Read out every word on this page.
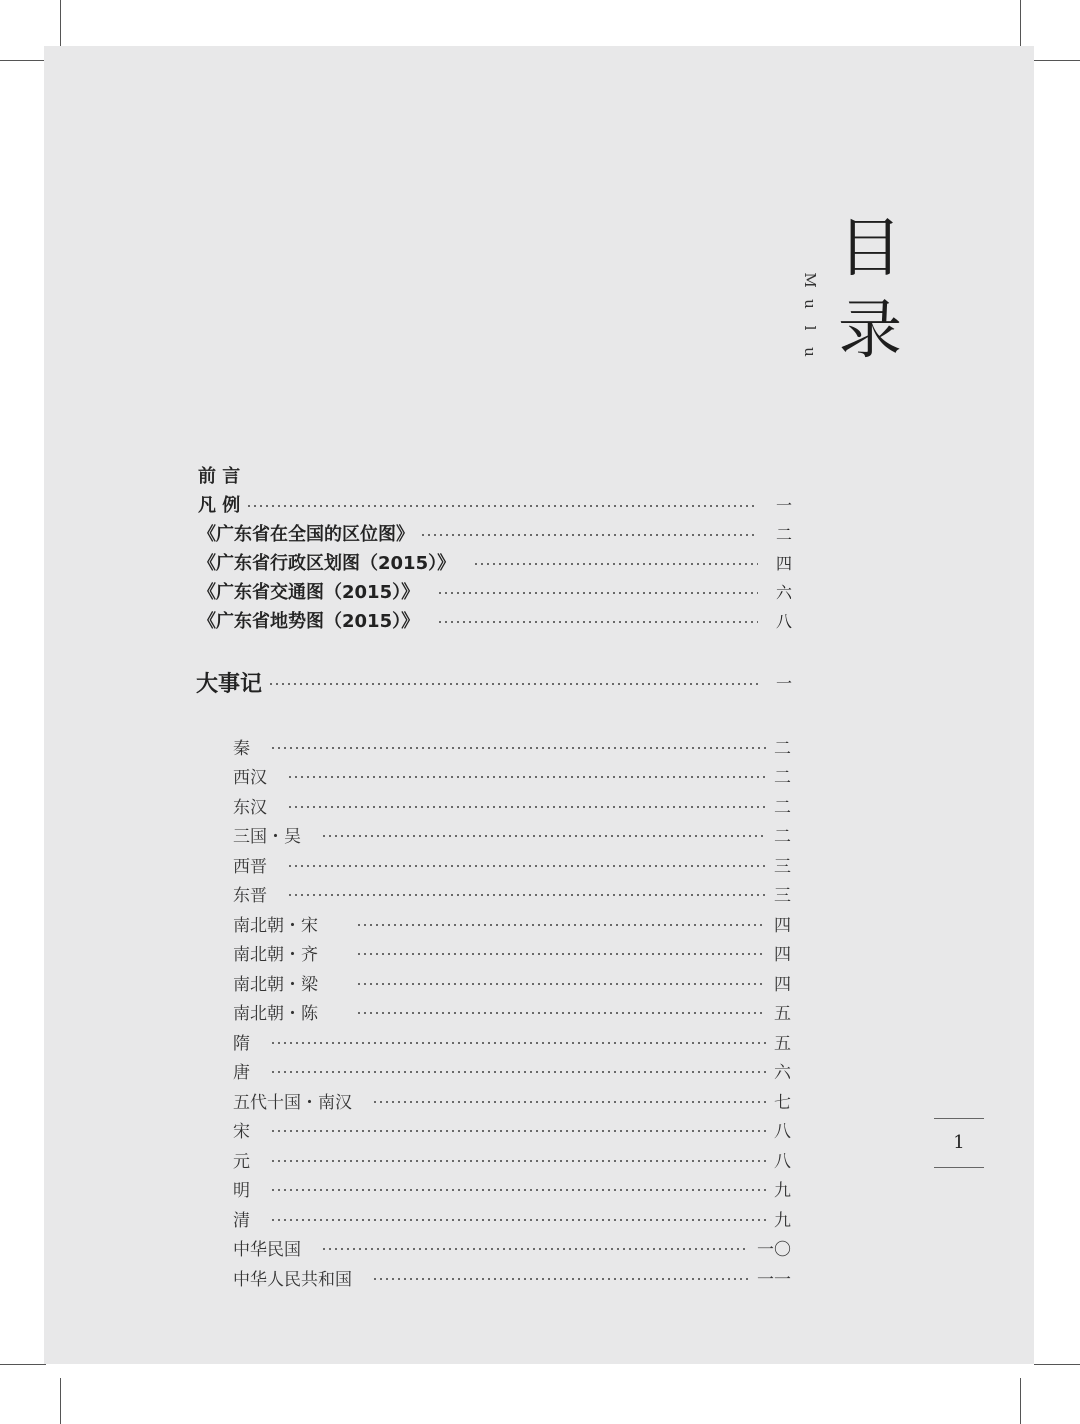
目
录
M
u
l
u
前 言
凡 例	一
《广东省在全国的区位图》	二
《广东省行政区划图（2015）》	四
《广东省交通图（2015）》	六
《广东省地势图（2015）》	八
大事记	一
秦	二
西汉	二
东汉	二
三国・吴	二
西晋	三
东晋	三
南北朝・宋	四
南北朝・齐	四
南北朝・梁	四
南北朝・陈	五
隋	五
唐	六
五代十国・南汉	七
宋	八
元	八
明	九
清	九
中华民国	一〇
中华人民共和国	一一
1
